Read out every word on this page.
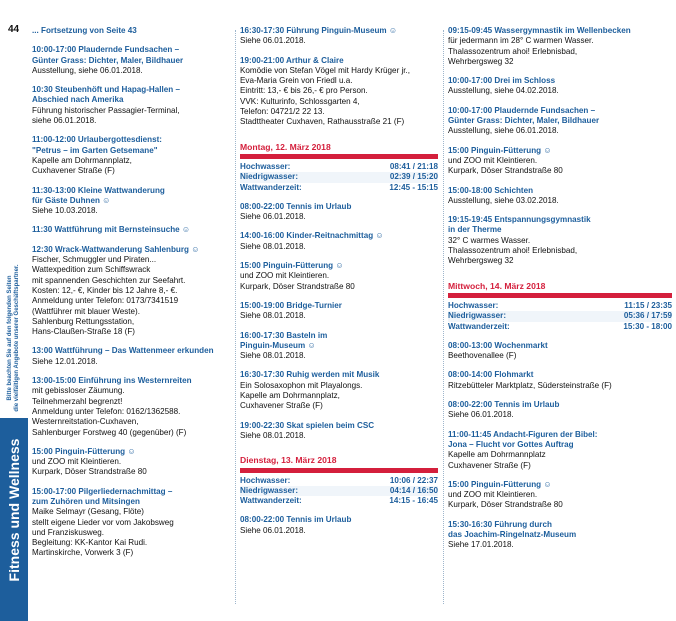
44
Bitte beachten Sie auf den folgenden Seiten die vielfältigen Angebote unserer Geschäftspartner.
Fitness und Wellness
... Fortsetzung von Seite 43
10:00-17:00 Plaudernde Fundsachen –
Günter Grass: Dichter, Maler, Bildhauer
Ausstellung, siehe 06.01.2018.
10:30 Steubenhöft und Hapag-Hallen –
Abschied nach Amerika
Führung historischer Passagier-Terminal,
siehe 06.01.2018.
11:00-12:00 Urlaubergottesdienst:
"Petrus – im Garten Getsemane"
Kapelle am Dohrmannplatz,
Cuxhavener Straße (F)
11:30-13:00 Kleine Wattwanderung
für Gäste Duhnen ☺
Siehe 10.03.2018.
11:30 Wattführung mit Bernsteinsuche ☺
12:30 Wrack-Wattwanderung Sahlenburg ☺
Fischer, Schmuggler und Piraten...
Wattexpedition zum Schiffswrack
mit spannenden Geschichten zur Seefahrt.
Kosten: 12,- €, Kinder bis 12 Jahre 8,- €.
Anmeldung unter Telefon: 0173/7341519
(Wattführer mit blauer Weste).
Sahlenburg Rettungsstation,
Hans-Claußen-Straße 18 (F)
13:00 Wattführung – Das Wattenmeer erkunden
Siehe 12.01.2018.
13:00-15:00 Einführung ins Westernreiten
mit gebissloser Zäumung.
Teilnehmerzahl begrenzt!
Anmeldung unter Telefon: 0162/1362588.
Westernreitstation-Cuxhaven,
Sahlenburger Forstweg 40 (gegenüber) (F)
15:00 Pinguin-Fütterung ☺
und ZOO mit Kleintieren.
Kurpark, Döser Strandstraße 80
15:00-17:00 Pilgerliedernachmittag –
zum Zuhören und Mitsingen
Maike Selmayr (Gesang, Flöte)
stellt eigene Lieder vor vom Jakobsweg
und Franziskusweg.
Begleitung: KK-Kantor Kai Rudi.
Martinskirche, Vorwerk 3 (F)
16:30-17:30 Führung Pinguin-Museum ☺
Siehe 06.01.2018.
19:00-21:00 Arthur & Claire
Komödie von Stefan Vögel mit Hardy Krüger jr.,
Eva-Maria Grein von Friedl u.a.
Eintritt: 13,- € bis 26,- € pro Person.
VVK: Kulturinfo, Schlossgarten 4,
Telefon: 04721/2 22 13.
Stadttheater Cuxhaven, Rathausstraße 21 (F)
Montag, 12. März 2018
Hochwasser:	08:41 / 21:18
Niedrigwasser:	02:39 / 15:20
Wattwanderzeit:	12:45 - 15:15
08:00-22:00 Tennis im Urlaub
Siehe 06.01.2018.
14:00-16:00 Kinder-Reitnachmittag ☺
Siehe 08.01.2018.
15:00 Pinguin-Fütterung ☺
und ZOO mit Kleintieren.
Kurpark, Döser Strandstraße 80
15:00-19:00 Bridge-Turnier
Siehe 08.01.2018.
16:00-17:30 Basteln im
Pinguin-Museum ☺
Siehe 08.01.2018.
16:30-17:30 Ruhig werden mit Musik
Ein Solosaxophon mit Playalongs.
Kapelle am Dohrmannplatz,
Cuxhavener Straße (F)
19:00-22:30 Skat spielen beim CSC
Siehe 08.01.2018.
Dienstag, 13. März 2018
Hochwasser:	10:06 / 22:37
Niedrigwasser:	04:14 / 16:50
Wattwanderzeit:	14:15 - 16:45
08:00-22:00 Tennis im Urlaub
Siehe 06.01.2018.
09:15-09:45 Wassergymnastik im Wellenbecken
für jedermann im 28° C warmen Wasser.
Thalassozentrum ahoi! Erlebnisbad,
Wehrbergsweg 32
10:00-17:00 Drei im Schloss
Ausstellung, siehe 04.02.2018.
10:00-17:00 Plaudernde Fundsachen –
Günter Grass: Dichter, Maler, Bildhauer
Ausstellung, siehe 06.01.2018.
15:00 Pinguin-Fütterung ☺
und ZOO mit Kleintieren.
Kurpark, Döser Strandstraße 80
15:00-18:00 Schichten
Ausstellung, siehe 03.02.2018.
19:15-19:45 Entspannungsgymnastik
in der Therme
32° C warmes Wasser.
Thalassozentrum ahoi! Erlebnisbad,
Wehrbergsweg 32
Mittwoch, 14. März 2018
Hochwasser:	11:15 / 23:35
Niedrigwasser:	05:36 / 17:59
Wattwanderzeit:	15:30 - 18:00
08:00-13:00 Wochenmarkt
Beethovenallee (F)
08:00-14:00 Flohmarkt
Ritzebütteler Marktplatz, Südersteinstraße (F)
08:00-22:00 Tennis im Urlaub
Siehe 06.01.2018.
11:00-11:45 Andacht-Figuren der Bibel:
Jona – Flucht vor Gottes Auftrag
Kapelle am Dohrmannplatz
Cuxhavener Straße (F)
15:00 Pinguin-Fütterung ☺
und ZOO mit Kleintieren.
Kurpark, Döser Strandstraße 80
15:30-16:30 Führung durch
das Joachim-Ringelnatz-Museum
Siehe 17.01.2018.
